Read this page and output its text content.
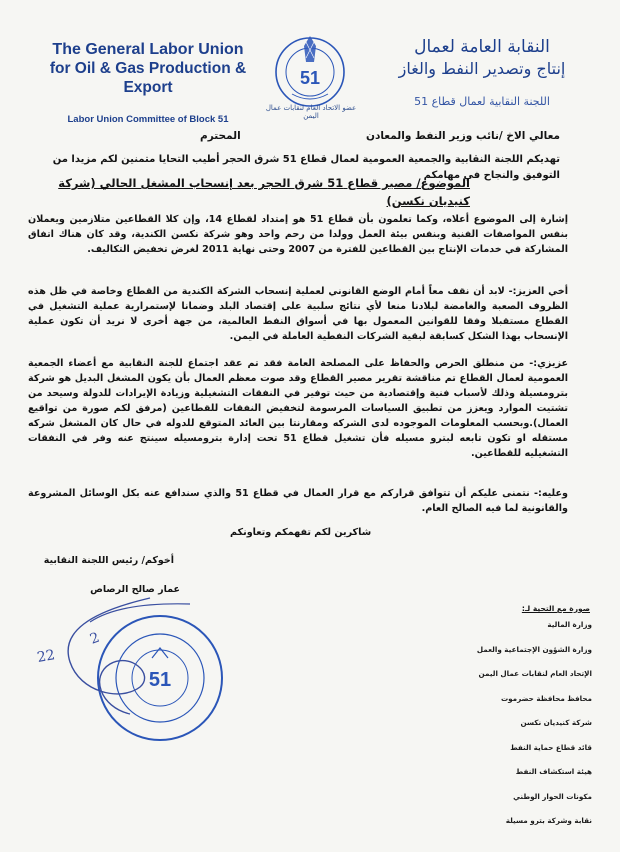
The General Labor Union
for Oil & Gas Production & Export
Labor Union Committee of Block 51
51
عضو الاتحاد العام لنقابات عمال اليمن
النقابة العامة لعمال
إنتاج وتصدير النفط والغاز
اللجنة النقابية لعمال قطاع 51
معالي الاخ /نائب وزير النفط والمعادن
المحترم
تهديكم اللجنة النقابية والجمعية العمومية لعمال قطاع 51 شرق الحجر أطيب التحايا متمنين لكم مزيدا من التوفيق والنجاح في مهامكم
الموضوع/ مصير قطاع 51 شرق الحجر بعد إنسحاب المشغل الحالي (شركة كنيديان نكسن)
إشارة إلى الموضوع أعلاه، وكما تعلمون بأن قطاع 51 هو إمتداد لقطاع 14، وإن كلا القطاعين متلازمين ويعملان بنفس المواصفات الفنية وبنفس بيئة العمل وولدا من رحم واحد وهو شركة نكسن الكندية، وقد كان هناك اتفاق المشاركة في خدمات الإنتاج بين القطاعين للفترة من 2007 وحتى نهاية 2011 لغرض تخفيض التكاليف.
أخي العزيز:- لابد أن نقف معاً أمام الوضع القانوني لعملية إنسحاب الشركة الكندية من القطاع وخاصة في ظل هذه الظروف الصعبة والغامضة لبلادنا منعا لأي نتائج سلبية على إقتصاد البلد وضمانا لإستمرارية عملية التشغيل في القطاع مستقبلا وفقا للقوانين المعمول بها في أسواق النفط العالمية، من جهة أخرى لا نريد أن تكون عملية الإنسحاب بهذا الشكل كسابقة لبقية الشركات النفطية العاملة في اليمن.
عزيزي:- من منطلق الحرص والحفاظ على المصلحة العامة فقد تم عقد اجتماع للجنة النقابية مع أعضاء الجمعية العمومية لعمال القطاع تم مناقشة تقرير مصير القطاع وقد صوت معظم العمال بأن يكون المشغل البديل هو شركة بترومسيلة وذلك لأسباب فنية وإقتصادية من حيث توفير في النفقات التشغيلية وزيادة الإيرادات للدولة وسيحد من تشتيت الموارد ويعزز من تطبيق السياسات المرسومة لتخفيض النفقات للقطاعين (مرفق لكم صورة من تواقيع العمال).وبحسب المعلومات الموجوده لدى الشركه ومقارنتا بين العائد المتوقع للدوله في حال كان المشغل شركه مستقله او تكون تابعه لبترو مسيله فأن تشغيل قطاع 51 تحت إدارة بترومسيله سينتج عنه وفر في النفقات التشغيليه للقطاعين.
وعليه:- نتمنى عليكم أن تتوافق قراركم مع قرار العمال في قطاع 51 والذي سندافع عنه بكل الوسائل المشروعة والقانونية لما فيه الصالح العام.
شاكرين لكم تفهمكم وتعاونكم
أخوكم/ رئيس اللجنة النقابية
عمار صالح الرصاص
51
2
22
صورة مع التحية لـ:
وزارة المالية
وزارة الشؤون الإجتماعية والعمل
الإتحاد العام لنقابات عمال اليمن
محافظ محافظة حضرموت
شركة كنيديان نكسن
قائد قطاع حماية النفط
هيئة استكشاف النفط
مكونات الحوار الوطني
نقابة وشركة بترو مسيلة
